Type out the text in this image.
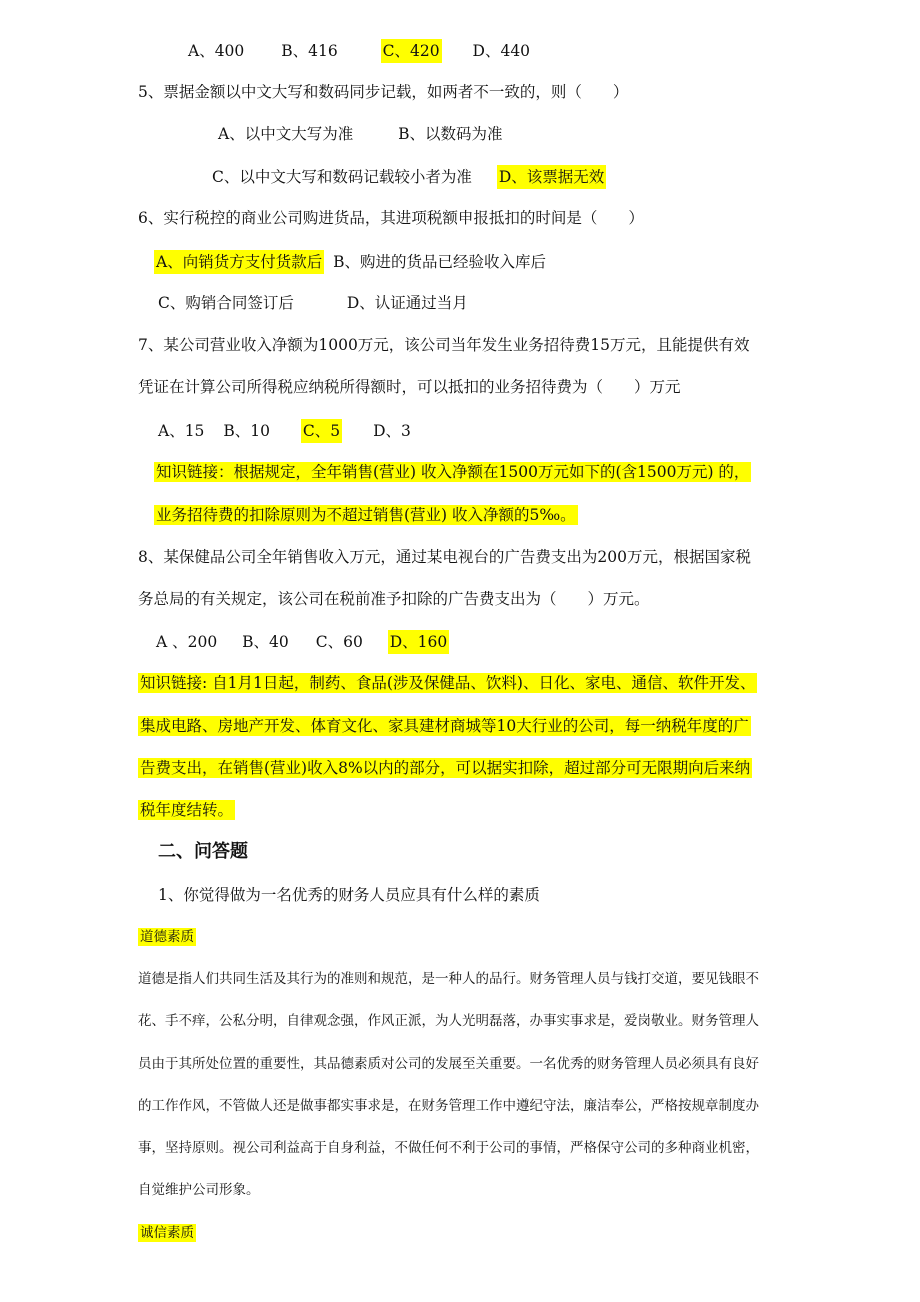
A、400 B、416	C、420 D、440
5、票据金额以中文大写和数码同步记载，如两者不一致的，则（　　）
A、以中文大写为准	B、以数码为准
C、以中文大写和数码记载较小者为准 D、该票据无效
6、实行税控的商业公司购进货品，其进项税额申报抵扣的时间是（　　）
A、向销货方支付货款后 B、购进的货品已经验收入库后
C、购销合同签订后	D、认证通过当月
7、某公司营业收入净额为1000万元，该公司当年发生业务招待费15万元，且能提供有效
凭证在计算公司所得税应纳税所得额时，可以抵扣的业务招待费为（　　）万元
A、15 B、10 C、5 D、3
知识链接：根据规定，全年销售(营业) 收入净额在1500万元如下的(含1500万元) 的，
业务招待费的扣除原则为不超过销售(营业) 收入净额的5‰。
8、某保健品公司全年销售收入万元，通过某电视台的广告费支出为200万元，根据国家税
务总局的有关规定，该公司在税前准予扣除的广告费支出为（　　）万元。
A 、200 B、40 C、60 D、160
知识链接: 自1月1日起，制药、食品(涉及保健品、饮料)、日化、家电、通信、软件开发、
集成电路、房地产开发、体育文化、家具建材商城等10大行业的公司，每一纳税年度的广
告费支出，在销售(营业)收入8%以内的部分，可以据实扣除，超过部分可无限期向后来纳
税年度结转。
二、问答题
1、你觉得做为一名优秀的财务人员应具有什么样的素质
道德素质
道德是指人们共同生活及其行为的准则和规范，是一种人的品行。财务管理人员与钱打交道，要见钱眼不
花、手不痒，公私分明，自律观念强，作风正派，为人光明磊落，办事实事求是，爱岗敬业。财务管理人
员由于其所处位置的重要性，其品德素质对公司的发展至关重要。一名优秀的财务管理人员必须具有良好
的工作作风，不管做人还是做事都实事求是，在财务管理工作中遵纪守法，廉洁奉公，严格按规章制度办
事，坚持原则。视公司利益高于自身利益，不做任何不利于公司的事情，严格保守公司的多种商业机密，
自觉维护公司形象。
诚信素质
